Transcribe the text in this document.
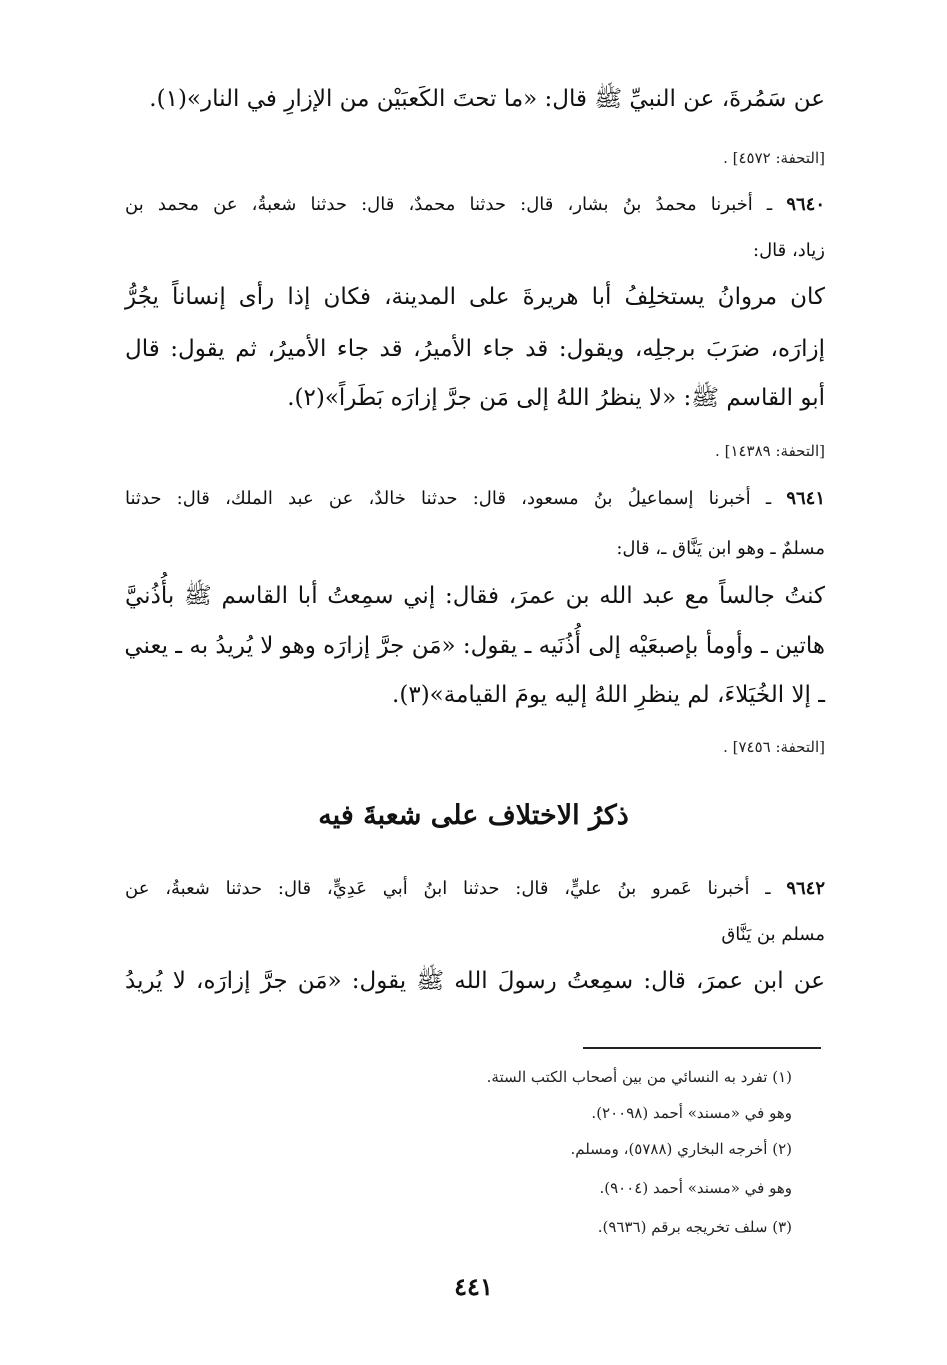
عن سَمُرةَ، عن النبيِّ ﷺ قال: «ما تحتَ الكَعبَيْن من الإزارِ في النار»(١).
[التحفة: ٤٥٧٢] .
٩٦٤٠ ـ أخبرنا محمدُ بنُ بشار، قال: حدثنا محمدٌ، قال: حدثنا شعبةُ، عن محمد بن
زياد، قال:
كان مروانُ يستخلِفُ أبا هريرةَ على المدينة، فكان إذا رأى إنساناً يجُرُّ
إزارَه، ضرَبَ برجلِه، ويقول: قد جاء الأميرُ، قد جاء الأميرُ، ثم يقول: قال
أبو القاسم ﷺ: «لا ينظرُ اللهُ إلى مَن جرَّ إزارَه بَطَراً»(٢).
[التحفة: ١٤٣٨٩] .
٩٦٤١ ـ أخبرنا إسماعيلُ بنُ مسعود، قال: حدثنا خالدٌ، عن عبد الملك، قال: حدثنا
مسلمٌ ـ وهو ابن يَنَّاق ـ، قال:
كنتُ جالساً مع عبد الله بن عمرَ، فقال: إني سمِعتُ أبا القاسم ﷺ بأُذُنيَّ
هاتين ـ وأومأ بإصبعَيْه إلى أُذُنَيه ـ يقول: «مَن جرَّ إزارَه وهو لا يُريدُ به ـ يعني
ـ إلا الخُيَلاءَ، لم ينظرِ اللهُ إليه يومَ القيامة»(٣).
[التحفة: ٧٤٥٦] .
ذكرُ الاختلاف على شعبةَ فيه
٩٦٤٢ ـ أخبرنا عَمرو بنُ عليٍّ، قال: حدثنا ابنُ أبي عَدِيٍّ، قال: حدثنا شعبةُ، عن
مسلم بن يَنَّاق
عن ابن عمرَ، قال: سمِعتُ رسولَ الله ﷺ يقول: «مَن جرَّ إزارَه، لا يُريدُ
(١) تفرد به النسائي من بين أصحاب الكتب الستة.
وهو في «مسند» أحمد (٢٠٠٩٨).
(٢) أخرجه البخاري (٥٧٨٨)، ومسلم.
وهو في «مسند» أحمد (٩٠٠٤).
(٣) سلف تخريجه برقم (٩٦٣٦).
٤٤١
